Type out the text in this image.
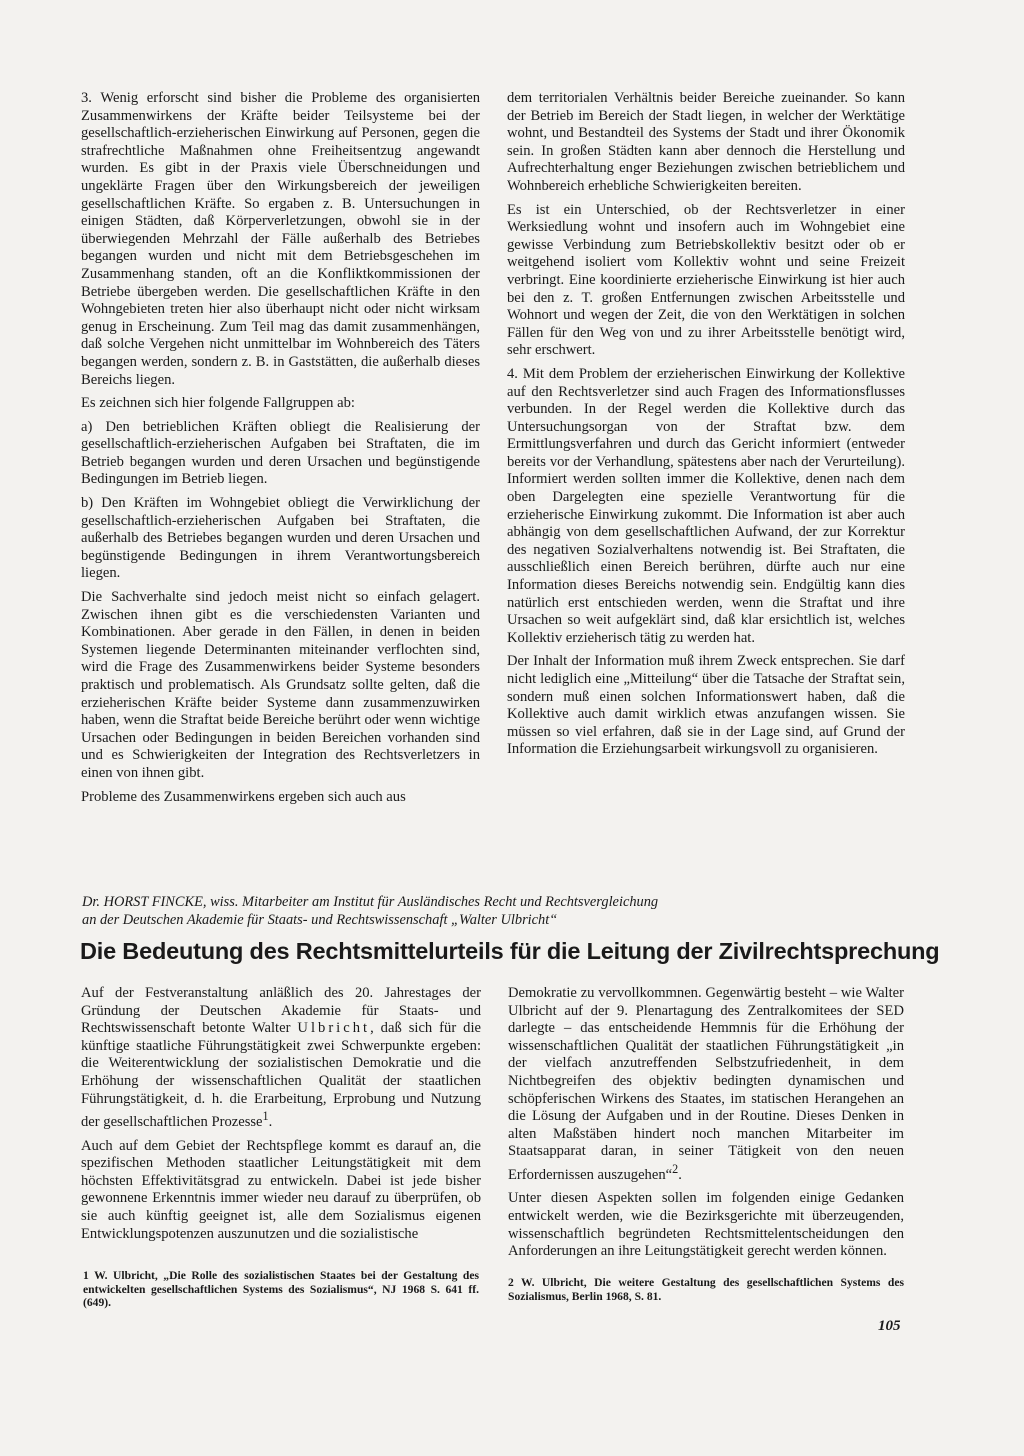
3. Wenig erforscht sind bisher die Probleme des organisierten Zusammenwirkens der Kräfte beider Teilsysteme bei der gesellschaftlich-erzieherischen Einwirkung auf Personen, gegen die strafrechtliche Maßnahmen ohne Freiheitsentzug angewandt wurden. Es gibt in der Praxis viele Überschneidungen und ungeklärte Fragen über den Wirkungsbereich der jeweiligen gesellschaftlichen Kräfte. So ergaben z. B. Untersuchungen in einigen Städten, daß Körperverletzungen, obwohl sie in der überwiegenden Mehrzahl der Fälle außerhalb des Betriebes begangen wurden und nicht mit dem Betriebsgeschehen im Zusammenhang standen, oft an die Konfliktkommissionen der Betriebe übergeben werden. Die gesellschaftlichen Kräfte in den Wohngebieten treten hier also überhaupt nicht oder nicht wirksam genug in Erscheinung. Zum Teil mag das damit zusammenhängen, daß solche Vergehen nicht unmittelbar im Wohnbereich des Täters begangen werden, sondern z. B. in Gaststätten, die außerhalb dieses Bereichs liegen.

Es zeichnen sich hier folgende Fallgruppen ab:

a) Den betrieblichen Kräften obliegt die Realisierung der gesellschaftlich-erzieherischen Aufgaben bei Straftaten, die im Betrieb begangen wurden und deren Ursachen und begünstigende Bedingungen im Betrieb liegen.

b) Den Kräften im Wohngebiet obliegt die Verwirklichung der gesellschaftlich-erzieherischen Aufgaben bei Straftaten, die außerhalb des Betriebes begangen wurden und deren Ursachen und begünstigende Bedingungen in ihrem Verantwortungsbereich liegen.

Die Sachverhalte sind jedoch meist nicht so einfach gelagert. Zwischen ihnen gibt es die verschiedensten Varianten und Kombinationen. Aber gerade in den Fällen, in denen in beiden Systemen liegende Determinanten miteinander verflochten sind, wird die Frage des Zusammenwirkens beider Systeme besonders praktisch und problematisch. Als Grundsatz sollte gelten, daß die erzieherischen Kräfte beider Systeme dann zusammenzuwirken haben, wenn die Straftat beide Bereiche berührt oder wenn wichtige Ursachen oder Bedingungen in beiden Bereichen vorhanden sind und es Schwierigkeiten der Integration des Rechtsverletzers in einen von ihnen gibt.

Probleme des Zusammenwirkens ergeben sich auch aus

dem territorialen Verhältnis beider Bereiche zueinander. So kann der Betrieb im Bereich der Stadt liegen, in welcher der Werktätige wohnt, und Bestandteil des Systems der Stadt und ihrer Ökonomik sein. In großen Städten kann aber dennoch die Herstellung und Aufrechterhaltung enger Beziehungen zwischen betrieblichem und Wohnbereich erhebliche Schwierigkeiten bereiten.

Es ist ein Unterschied, ob der Rechtsverletzer in einer Werksiedlung wohnt und insofern auch im Wohngebiet eine gewisse Verbindung zum Betriebskollektiv besitzt oder ob er weitgehend isoliert vom Kollektiv wohnt und seine Freizeit verbringt. Eine koordinierte erzieherische Einwirkung ist hier auch bei den z. T. großen Entfernungen zwischen Arbeitsstelle und Wohnort und wegen der Zeit, die von den Werktätigen in solchen Fällen für den Weg von und zu ihrer Arbeitsstelle benötigt wird, sehr erschwert.

4. Mit dem Problem der erzieherischen Einwirkung der Kollektive auf den Rechtsverletzer sind auch Fragen des Informationsflusses verbunden. In der Regel werden die Kollektive durch das Untersuchungsorgan von der Straftat bzw. dem Ermittlungsverfahren und durch das Gericht informiert (entweder bereits vor der Verhandlung, spätestens aber nach der Verurteilung). Informiert werden sollten immer die Kollektive, denen nach dem oben Dargelegten eine spezielle Verantwortung für die erzieherische Einwirkung zukommt. Die Information ist aber auch abhängig von dem gesellschaftlichen Aufwand, der zur Korrektur des negativen Sozialverhaltens notwendig ist. Bei Straftaten, die ausschließlich einen Bereich berühren, dürfte auch nur eine Information dieses Bereichs notwendig sein. Endgültig kann dies natürlich erst entschieden werden, wenn die Straftat und ihre Ursachen so weit aufgeklärt sind, daß klar ersichtlich ist, welches Kollektiv erzieherisch tätig zu werden hat.

Der Inhalt der Information muß ihrem Zweck entsprechen. Sie darf nicht lediglich eine „Mitteilung“ über die Tatsache der Straftat sein, sondern muß einen solchen Informationswert haben, daß die Kollektive auch damit wirklich etwas anzufangen wissen. Sie müssen so viel erfahren, daß sie in der Lage sind, auf Grund der Information die Erziehungsarbeit wirkungsvoll zu organisieren.

Dr. HORST FINCKE, wiss. Mitarbeiter am Institut für Ausländisches Recht und Rechtsvergleichung
an der Deutschen Akademie für Staats- und Rechtswissenschaft „Walter Ulbricht“
Die Bedeutung des Rechtsmittelurteils für die Leitung der Zivilrechtsprechung

Auf der Festveranstaltung anläßlich des 20. Jahrestages der Gründung der Deutschen Akademie für Staats- und Rechtswissenschaft betonte Walter Ulbricht, daß sich für die künftige staatliche Führungstätigkeit zwei Schwerpunkte ergeben: die Weiterentwicklung der sozialistischen Demokratie und die Erhöhung der wissenschaftlichen Qualität der staatlichen Führungstätigkeit, d. h. die Erarbeitung, Erprobung und Nutzung der gesellschaftlichen Prozesse$^1$.

Auch auf dem Gebiet der Rechtspflege kommt es darauf an, die spezifischen Methoden staatlicher Leitungstätigkeit mit dem höchsten Effektivitätsgrad zu entwickeln. Dabei ist jede bisher gewonnene Erkenntnis immer wieder neu darauf zu überprüfen, ob sie auch künftig geeignet ist, alle dem Sozialismus eigenen Entwicklungspotenzen auszunutzen und die sozialistische

Demokratie zu vervollkommnen. Gegenwärtig besteht – wie Walter Ulbricht auf der 9. Plenartagung des Zentralkomitees der SED darlegte – das entscheidende Hemmnis für die Erhöhung der wissenschaftlichen Qualität der staatlichen Führungstätigkeit „in der vielfach anzutreffenden Selbstzufriedenheit, in dem Nichtbegreifen des objektiv bedingten dynamischen und schöpferischen Wirkens des Staates, im statischen Herangehen an die Lösung der Aufgaben und in der Routine. Dieses Denken in alten Maßstäben hindert noch manchen Mitarbeiter im Staatsapparat daran, in seiner Tätigkeit von den neuen Erfordernissen auszugehen“$^2$.

Unter diesen Aspekten sollen im folgenden einige Gedanken entwickelt werden, wie die Bezirksgerichte mit überzeugenden, wissenschaftlich begründeten Rechtsmittelentscheidungen den Anforderungen an ihre Leitungstätigkeit gerecht werden können.

1 W. Ulbricht, „Die Rolle des sozialistischen Staates bei der Gestaltung des entwickelten gesellschaftlichen Systems des Sozialismus“, NJ 1968 S. 641 ff. (649).
2 W. Ulbricht, Die weitere Gestaltung des gesellschaftlichen Systems des Sozialismus, Berlin 1968, S. 81.
105
